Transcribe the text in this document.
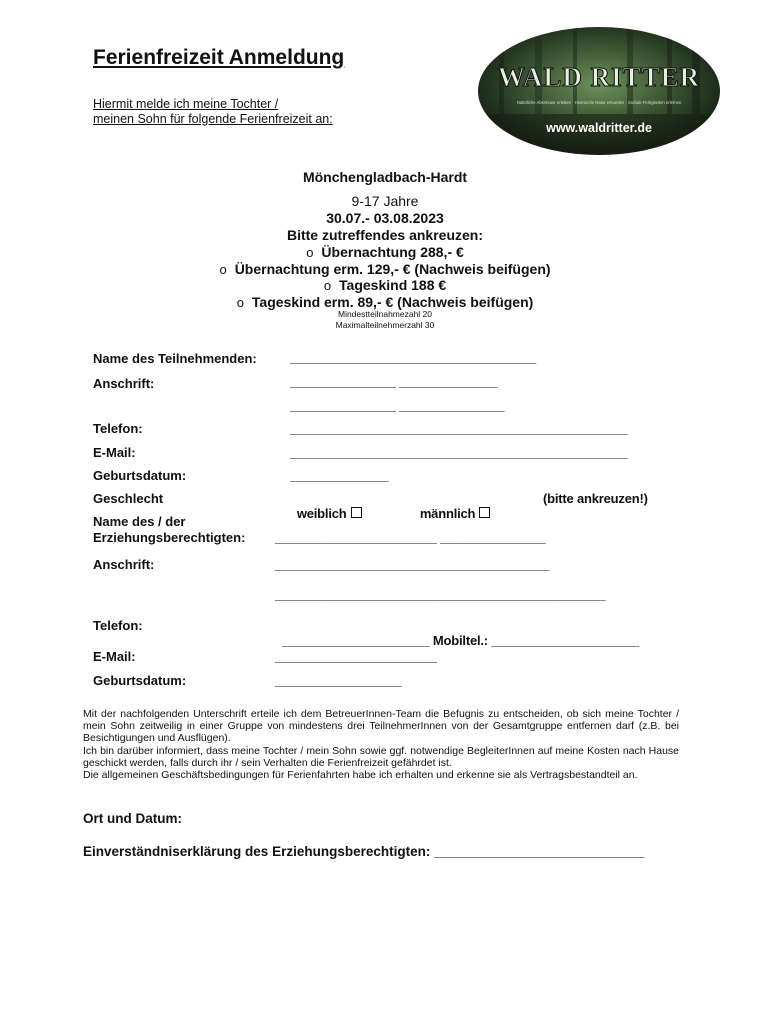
Ferienfreizeit Anmeldung
Hiermit melde ich meine Tochter /
meinen Sohn für folgende Ferienfreizeit an:
WALD RITTER
Natürliche Abenteuer erleben · Heimische Natur erkunden · Soziale Fertigkeiten erlernen
www.waldritter.de
Mönchengladbach-Hardt
9-17 Jahre
30.07.- 03.08.2023
Bitte zutreffendes ankreuzen:
o Übernachtung 288,- €
o Übernachtung erm. 129,- € (Nachweis beifügen)
o Tageskind 188 €
o Tageskind erm. 89,- € (Nachweis beifügen)
Mindestteilnahmezahl 20
Maximalteilnehmerzahl 30
Name des Teilnehmenden:	___________________________________
Anschrift:	_______________ ______________
_______________ _______________
Telefon:	________________________________________________
E-Mail:	________________________________________________
Geburtsdatum:	______________
Geschlecht

weiblich	männlich

(bitte ankreuzen!)
Name des / der
Erziehungsberechtigten: _______________________ _______________
Anschrift:	_______________________________________
_______________________________________________
Telefon:

_____________________ Mobiltel.: _____________________

E-Mail:	_______________________
Geburtsdatum:	__________________
Mit der nachfolgenden Unterschrift erteile ich dem BetreuerInnen-Team die Befugnis zu entscheiden, ob sich meine Tochter / mein Sohn zeitweilig in einer Gruppe von mindestens drei TeilnehmerInnen von der Gesamtgruppe entfernen darf (z.B. bei Besichtigungen und Ausflügen).
Ich bin darüber informiert, dass meine Tochter / mein Sohn sowie ggf. notwendige BegleiterInnen auf meine Kosten nach Hause geschickt werden, falls durch ihr / sein Verhalten die Ferienfreizeit gefährdet ist.
Die allgemeinen Geschäftsbedingungen für Ferienfahrten habe ich erhalten und erkenne sie als Vertragsbestandteil an.
Ort und Datum:
Einverständniserklärung des Erziehungsberechtigten: ____________________________
